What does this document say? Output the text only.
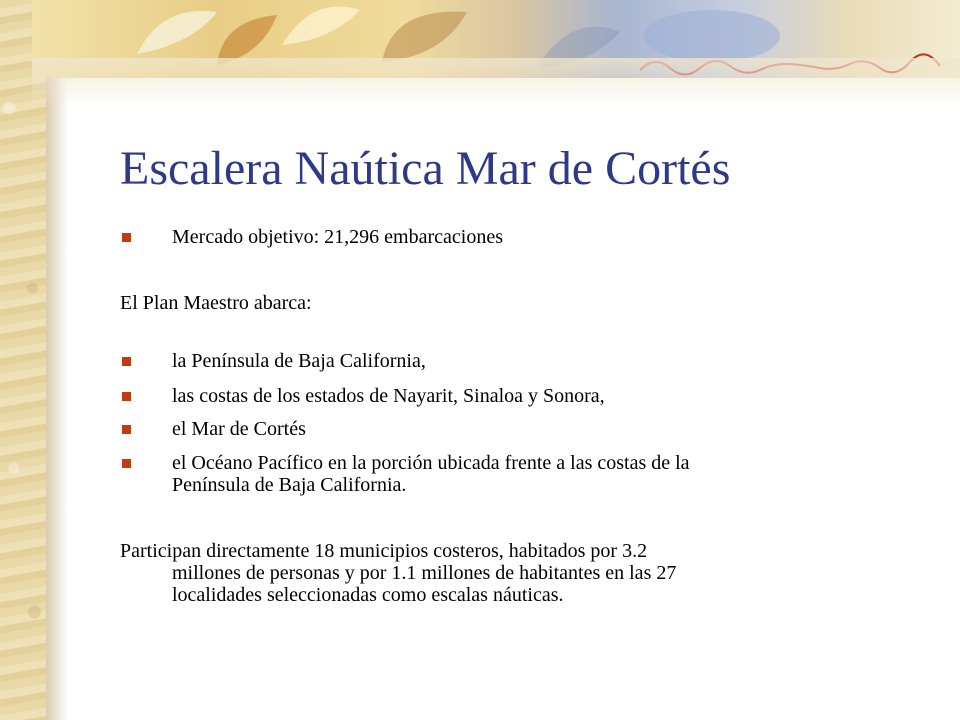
Escalera Naútica Mar de Cortés
Mercado objetivo: 21,296 embarcaciones
El Plan Maestro abarca:
la Península de Baja California,
las costas de los estados de Nayarit, Sinaloa y Sonora,
el Mar de Cortés
el Océano Pacífico en la porción ubicada frente a las costas de la
Península de Baja California.
Participan directamente 18 municipios costeros, habitados por 3.2
millones de personas y por 1.1 millones de habitantes en las 27
localidades seleccionadas como escalas náuticas.
